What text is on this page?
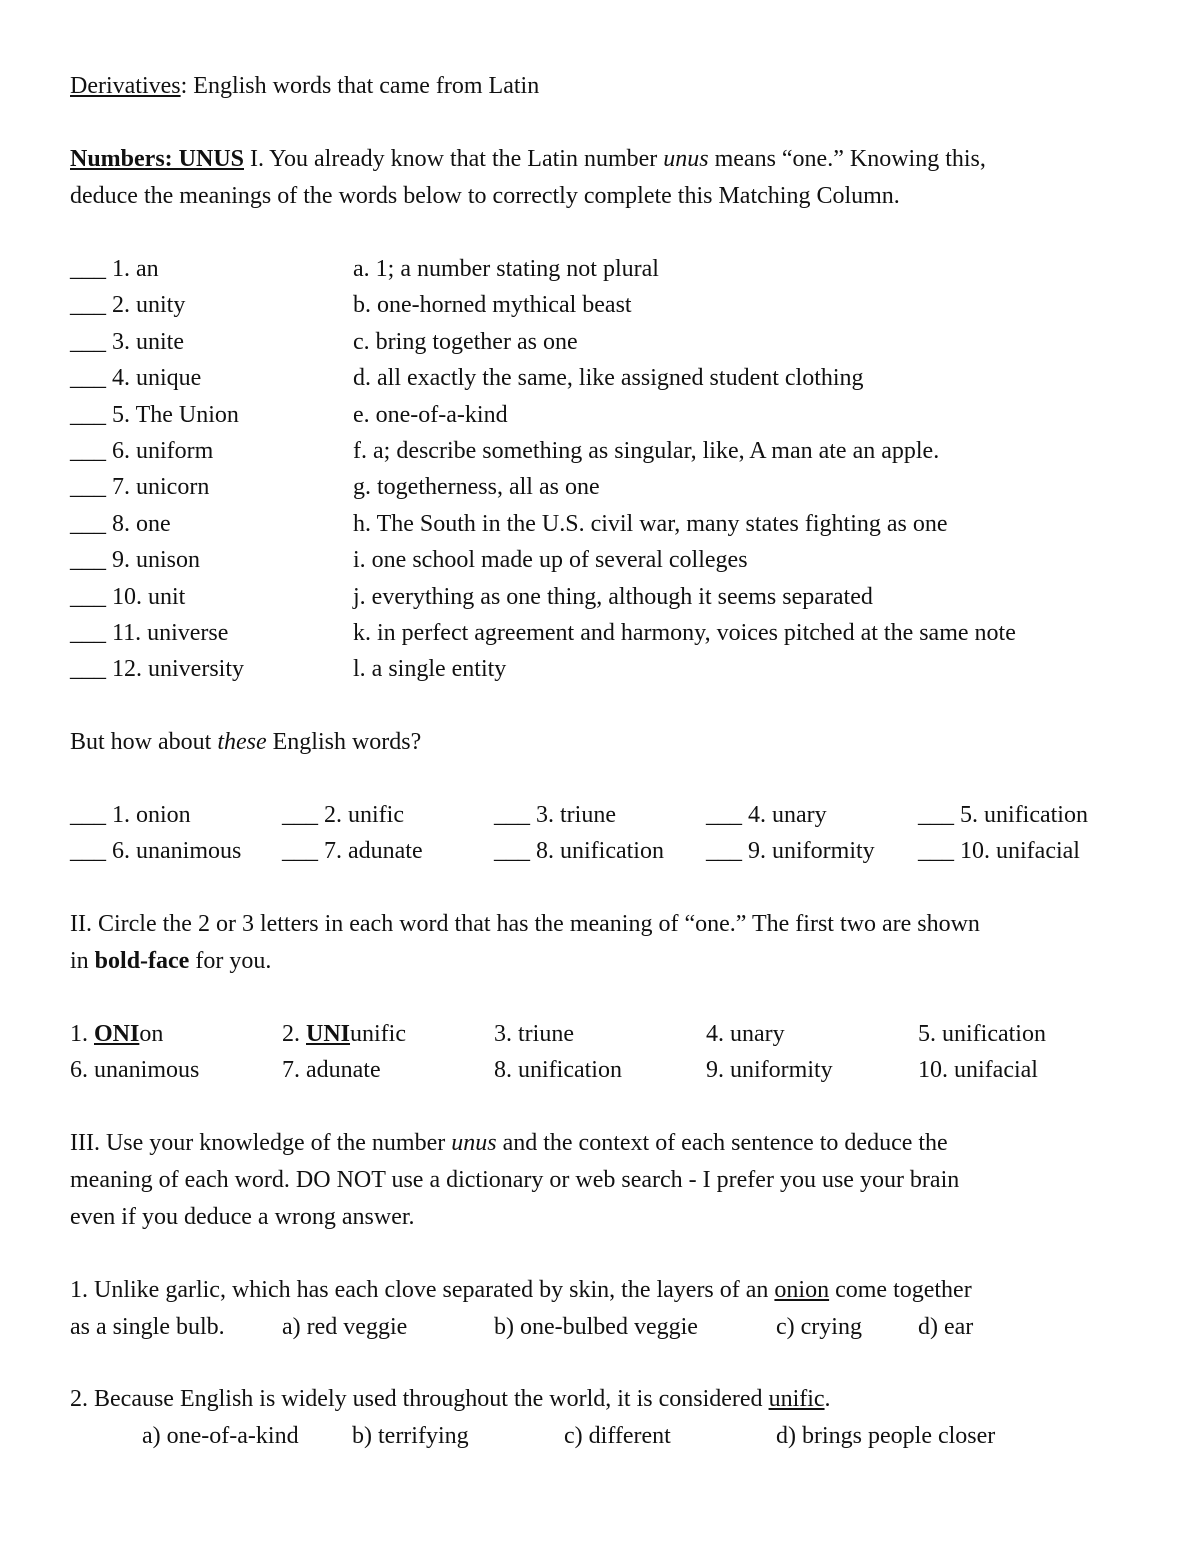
Derivatives: English words that came from Latin

Numbers: UNUS I. You already know that the Latin number unus means “one.” Knowing this,

deduce the meanings of the words below to correctly complete this Matching Column.

___ 1. an	a. 1; a number stating not plural
___ 2. unity	b. one-horned mythical beast
___ 3. unite	c. bring together as one
___ 4. unique	d. all exactly the same, like assigned student clothing
___ 5. The Union	e. one-of-a-kind
___ 6. uniform	f. a; describe something as singular, like, A man ate an apple.
___ 7. unicorn	g. togetherness, all as one
___ 8. one	h. The South in the U.S. civil war, many states fighting as one
___ 9. unison	i. one school made up of several colleges
___ 10. unit	j. everything as one thing, although it seems separated
___ 11. universe	k. in perfect agreement and harmony, voices pitched at the same note
___ 12. university	l. a single entity

But how about these English words?

___ 1. onion	___ 2. unific	___ 3. triune	___ 4. unary	___ 5. unification
___ 6. unanimous	___ 7. adunate	___ 8. unification	___ 9. uniformity	___ 10. unifacial

II. Circle the 2 or 3 letters in each word that has the meaning of “one.” The first two are shown

in bold-face for you.

1. ONIon	2. UNIunific	3. triune	4. unary	5. unification
6. unanimous	7. adunate	8. unification	9. uniformity	10. unifacial

III. Use your knowledge of the number unus and the context of each sentence to deduce the

meaning of each word. DO NOT use a dictionary or web search - I prefer you use your brain

even if you deduce a wrong answer.

1. Unlike garlic, which has each clove separated by skin, the layers of an onion come together

as a single bulb.	a) red veggie	b) one-bulbed veggie	c) crying	d) ear

2. Because English is widely used throughout the world, it is considered unific.

a) one-of-a-kind	b) terrifying	c) different	d) brings people closer
